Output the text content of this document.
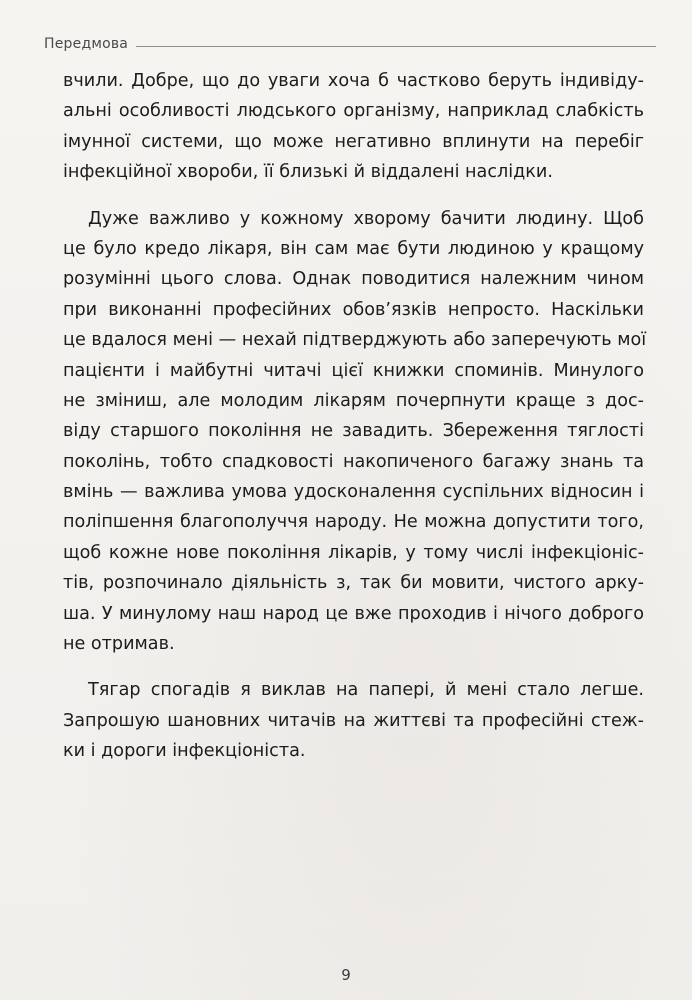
Передмова
вчили. Добре, що до уваги хоча б частково беруть індивіду-
альні особливості людського організму, наприклад слабкість
імунної системи, що може негативно вплинути на перебіг
інфекційної хвороби, її близькі й віддалені наслідки.
Дуже важливо у кожному хворому бачити людину. Щоб
це було кредо лікаря, він сам має бути людиною у кращому
розумінні цього слова. Однак поводитися належним чином
при виконанні професійних обов’язків непросто. Наскільки
це вдалося мені — нехай підтверджують або заперечують мої
пацієнти і майбутні читачі цієї книжки споминів. Минулого
не зміниш, але молодим лікарям почерпнути краще з дос-
віду старшого покоління не завадить. Збереження тяглості
поколінь, тобто спадковості накопиченого багажу знань та
вмінь — важлива умова удосконалення суспільних відносин і
поліпшення благополуччя народу. Не можна допустити того,
щоб кожне нове покоління лікарів, у тому числі інфекціоніс-
тів, розпочинало діяльність з, так би мовити, чистого арку-
ша. У минулому наш народ це вже проходив і нічого доброго
не отримав.
Тягар спогадів я виклав на папері, й мені стало легше.
Запрошую шановних читачів на життєві та професійні стеж-
ки і дороги інфекціоніста.
9
